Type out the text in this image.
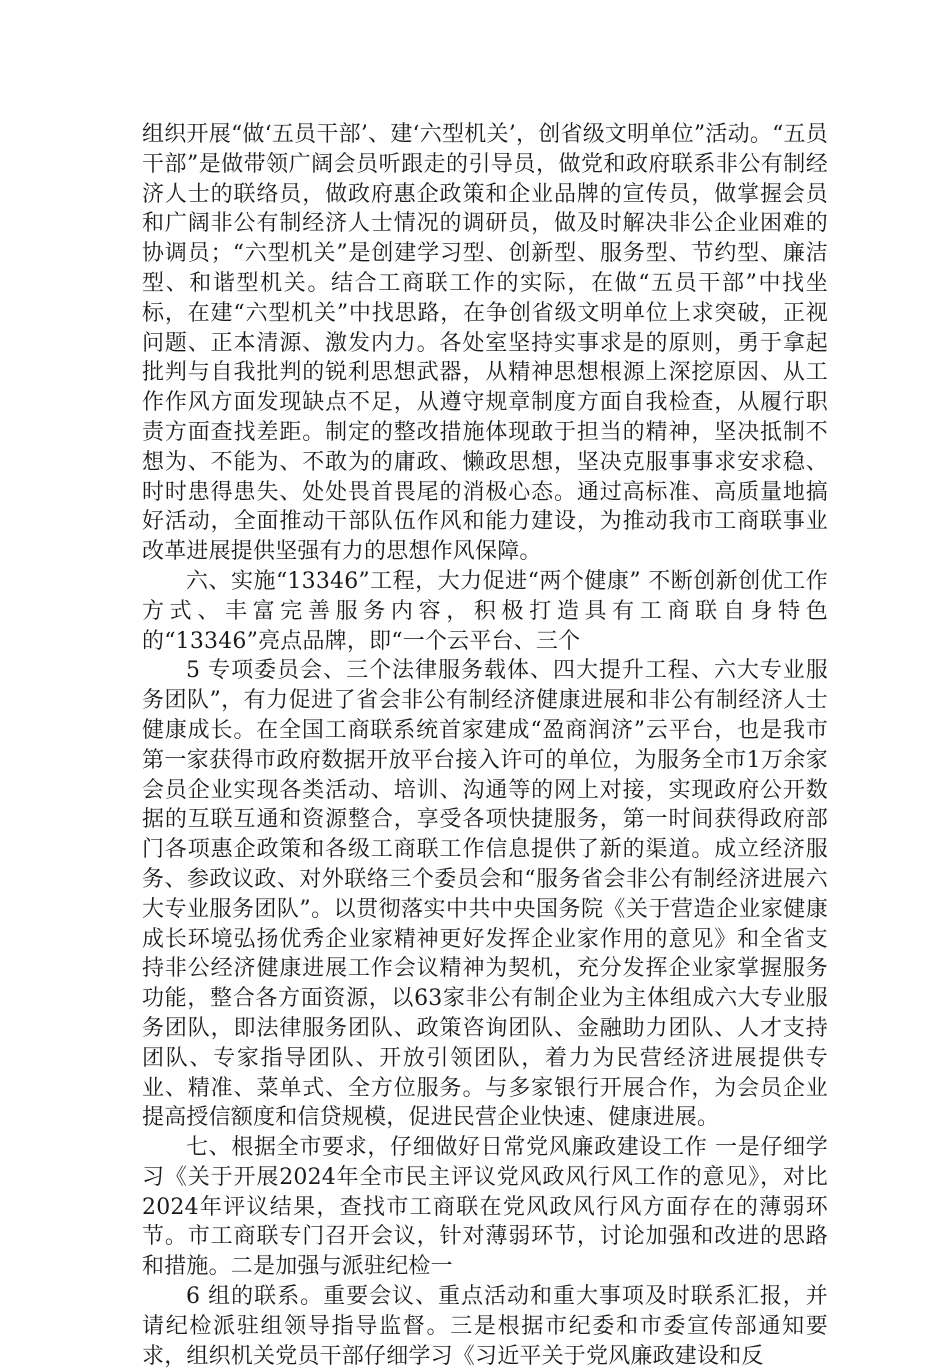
组织开展“做‘五员干部’、建‘六型机关’，创省级文明单位”活动。“五员干部”是做带领广阔会员听跟走的引导员，做党和政府联系非公有制经济人士的联络员，做政府惠企政策和企业品牌的宣传员，做掌握会员和广阔非公有制经济人士情况的调研员，做及时解决非公企业困难的协调员；“六型机关”是创建学习型、创新型、服务型、节约型、廉洁型、和谐型机关。结合工商联工作的实际，在做“五员干部”中找坐标，在建“六型机关”中找思路，在争创省级文明单位上求突破，正视问题、正本清源、激发内力。各处室坚持实事求是的原则，勇于拿起批判与自我批判的锐利思想武器，从精神思想根源上深挖原因、从工作作风方面发现缺点不足，从遵守规章制度方面自我检查，从履行职责方面查找差距。制定的整改措施体现敢于担当的精神，坚决抵制不想为、不能为、不敢为的庸政、懒政思想，坚决克服事事求安求稳、时时患得患失、处处畏首畏尾的消极心态。通过高标准、高质量地搞好活动，全面推动干部队伍作风和能力建设，为推动我市工商联事业改革进展提供坚强有力的思想作风保障。

六、实施“13346”工程，大力促进“两个健康” 不断创新创优工作方式、丰富完善服务内容，积极打造具有工商联自身特色的“13346”亮点品牌，即“一个云平台、三个

5 专项委员会、三个法律服务载体、四大提升工程、六大专业服务团队”，有力促进了省会非公有制经济健康进展和非公有制经济人士健康成长。在全国工商联系统首家建成“盈商润济”云平台，也是我市第一家获得市政府数据开放平台接入许可的单位，为服务全市1万余家会员企业实现各类活动、培训、沟通等的网上对接，实现政府公开数据的互联互通和资源整合，享受各项快捷服务，第一时间获得政府部门各项惠企政策和各级工商联工作信息提供了新的渠道。成立经济服务、参政议政、对外联络三个委员会和“服务省会非公有制经济进展六大专业服务团队”。以贯彻落实中共中央国务院《关于营造企业家健康成长环境弘扬优秀企业家精神更好发挥企业家作用的意见》和全省支持非公经济健康进展工作会议精神为契机，充分发挥企业家掌握服务功能，整合各方面资源，以63家非公有制企业为主体组成六大专业服务团队，即法律服务团队、政策咨询团队、金融助力团队、人才支持团队、专家指导团队、开放引领团队，着力为民营经济进展提供专业、精准、菜单式、全方位服务。与多家银行开展合作，为会员企业提高授信额度和信贷规模，促进民营企业快速、健康进展。

七、根据全市要求，仔细做好日常党风廉政建设工作 一是仔细学习《关于开展2024年全市民主评议党风政风行风工作的意见》，对比2024年评议结果，查找市工商联在党风政风行风方面存在的薄弱环节。市工商联专门召开会议，针对薄弱环节，讨论加强和改进的思路和措施。二是加强与派驻纪检一

6 组的联系。重要会议、重点活动和重大事项及时联系汇报，并请纪检派驻组领导指导监督。三是根据市纪委和市委宣传部通知要求，组织机关党员干部仔细学习《习近平关于党风廉政建设和反
